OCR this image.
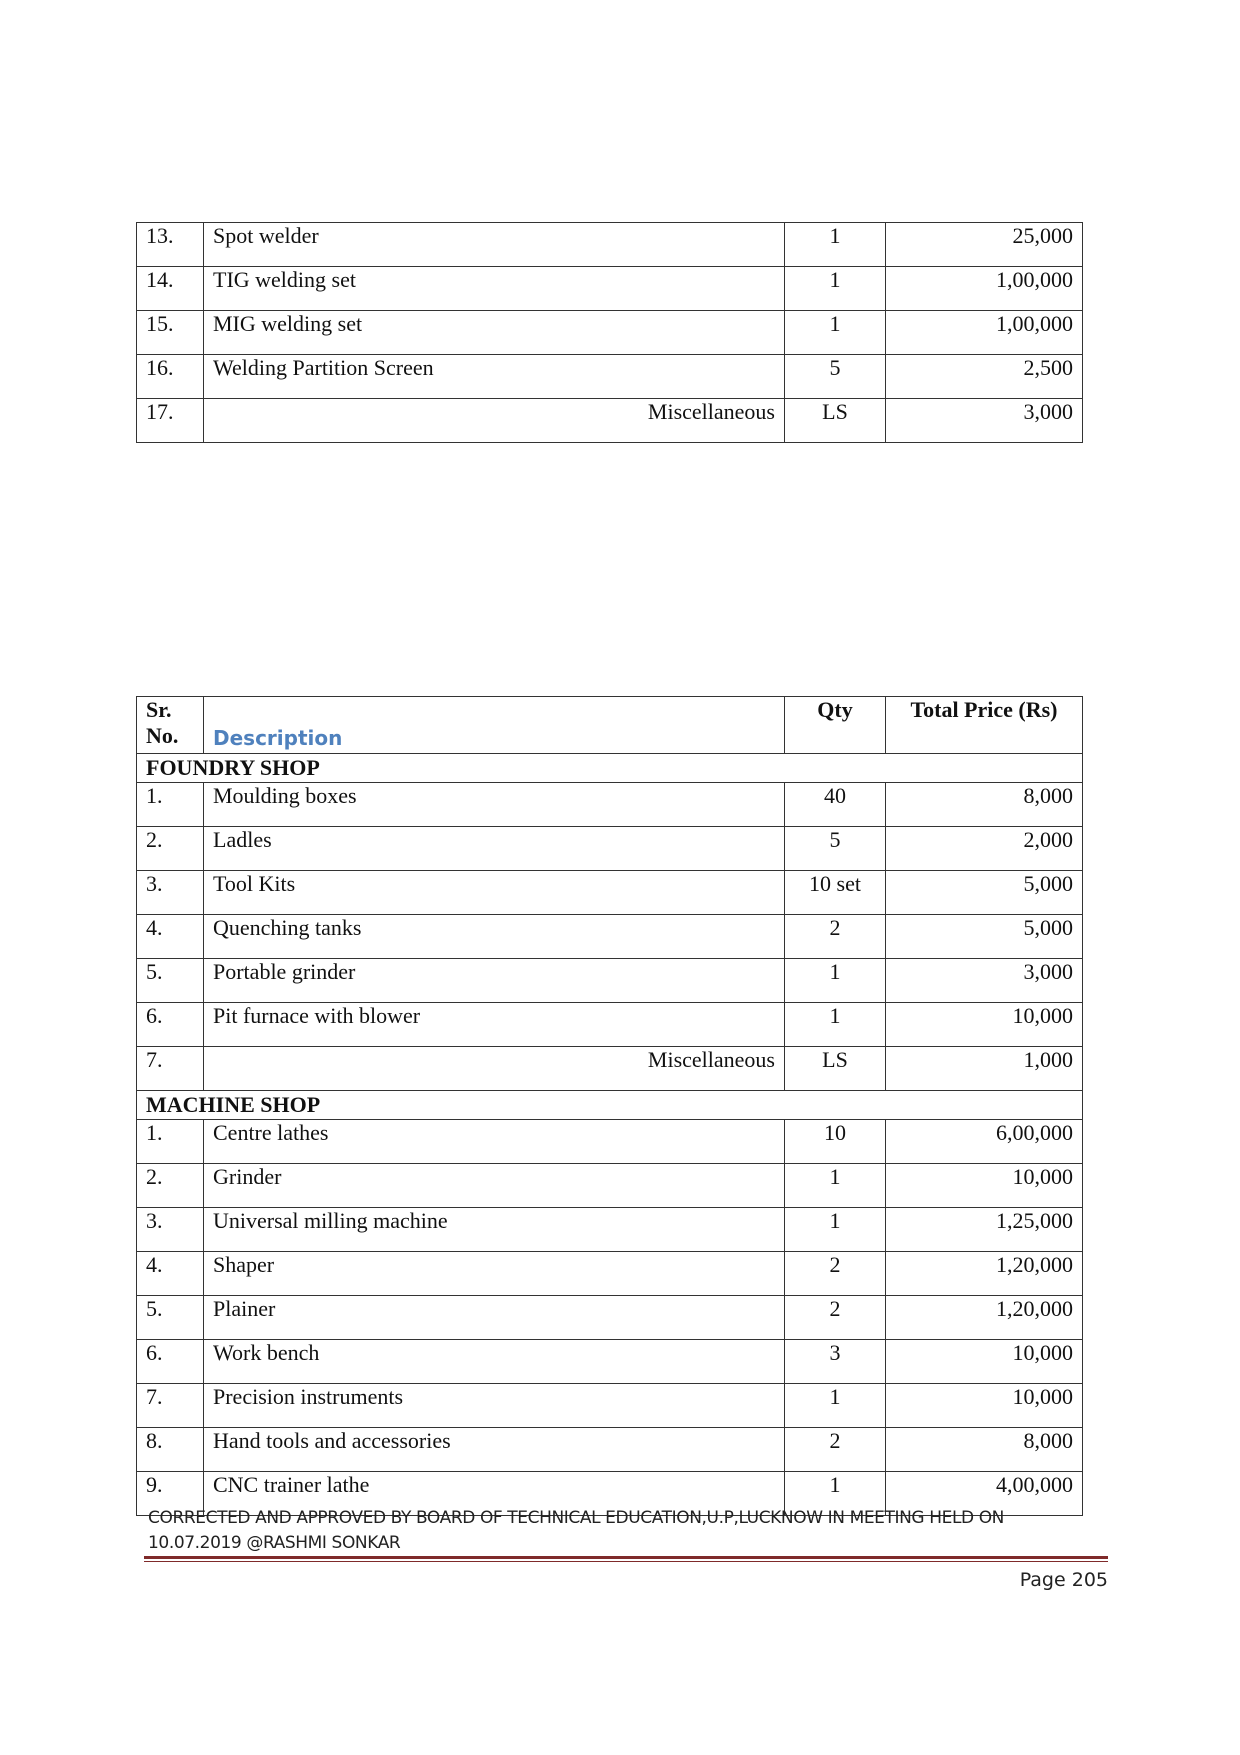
13.	Spot welder	1	25,000
14.	TIG welding set	1	1,00,000
15.	MIG welding set	1	1,00,000
16.	Welding Partition Screen	5	2,500
17.	Miscellaneous	LS	3,000
Sr. No.	Description	Qty	Total Price (Rs)
FOUNDRY SHOP			
1.	Moulding boxes	40	8,000
2.	Ladles	5	2,000
3.	Tool Kits	10 set	5,000
4.	Quenching tanks	2	5,000
5.	Portable grinder	1	3,000
6.	Pit furnace with blower	1	10,000
7.	Miscellaneous	LS	1,000
MACHINE SHOP			
1.	Centre lathes	10	6,00,000
2.	Grinder	1	10,000
3.	Universal milling machine	1	1,25,000
4.	Shaper	2	1,20,000
5.	Plainer	2	1,20,000
6.	Work bench	3	10,000
7.	Precision instruments	1	10,000
8.	Hand tools and accessories	2	8,000
9.	CNC trainer lathe	1	4,00,000
CORRECTED AND APPROVED BY BOARD OF TECHNICAL EDUCATION,U.P,LUCKNOW IN MEETING HELD ON
10.07.2019 @RASHMI SONKAR
Page 205
